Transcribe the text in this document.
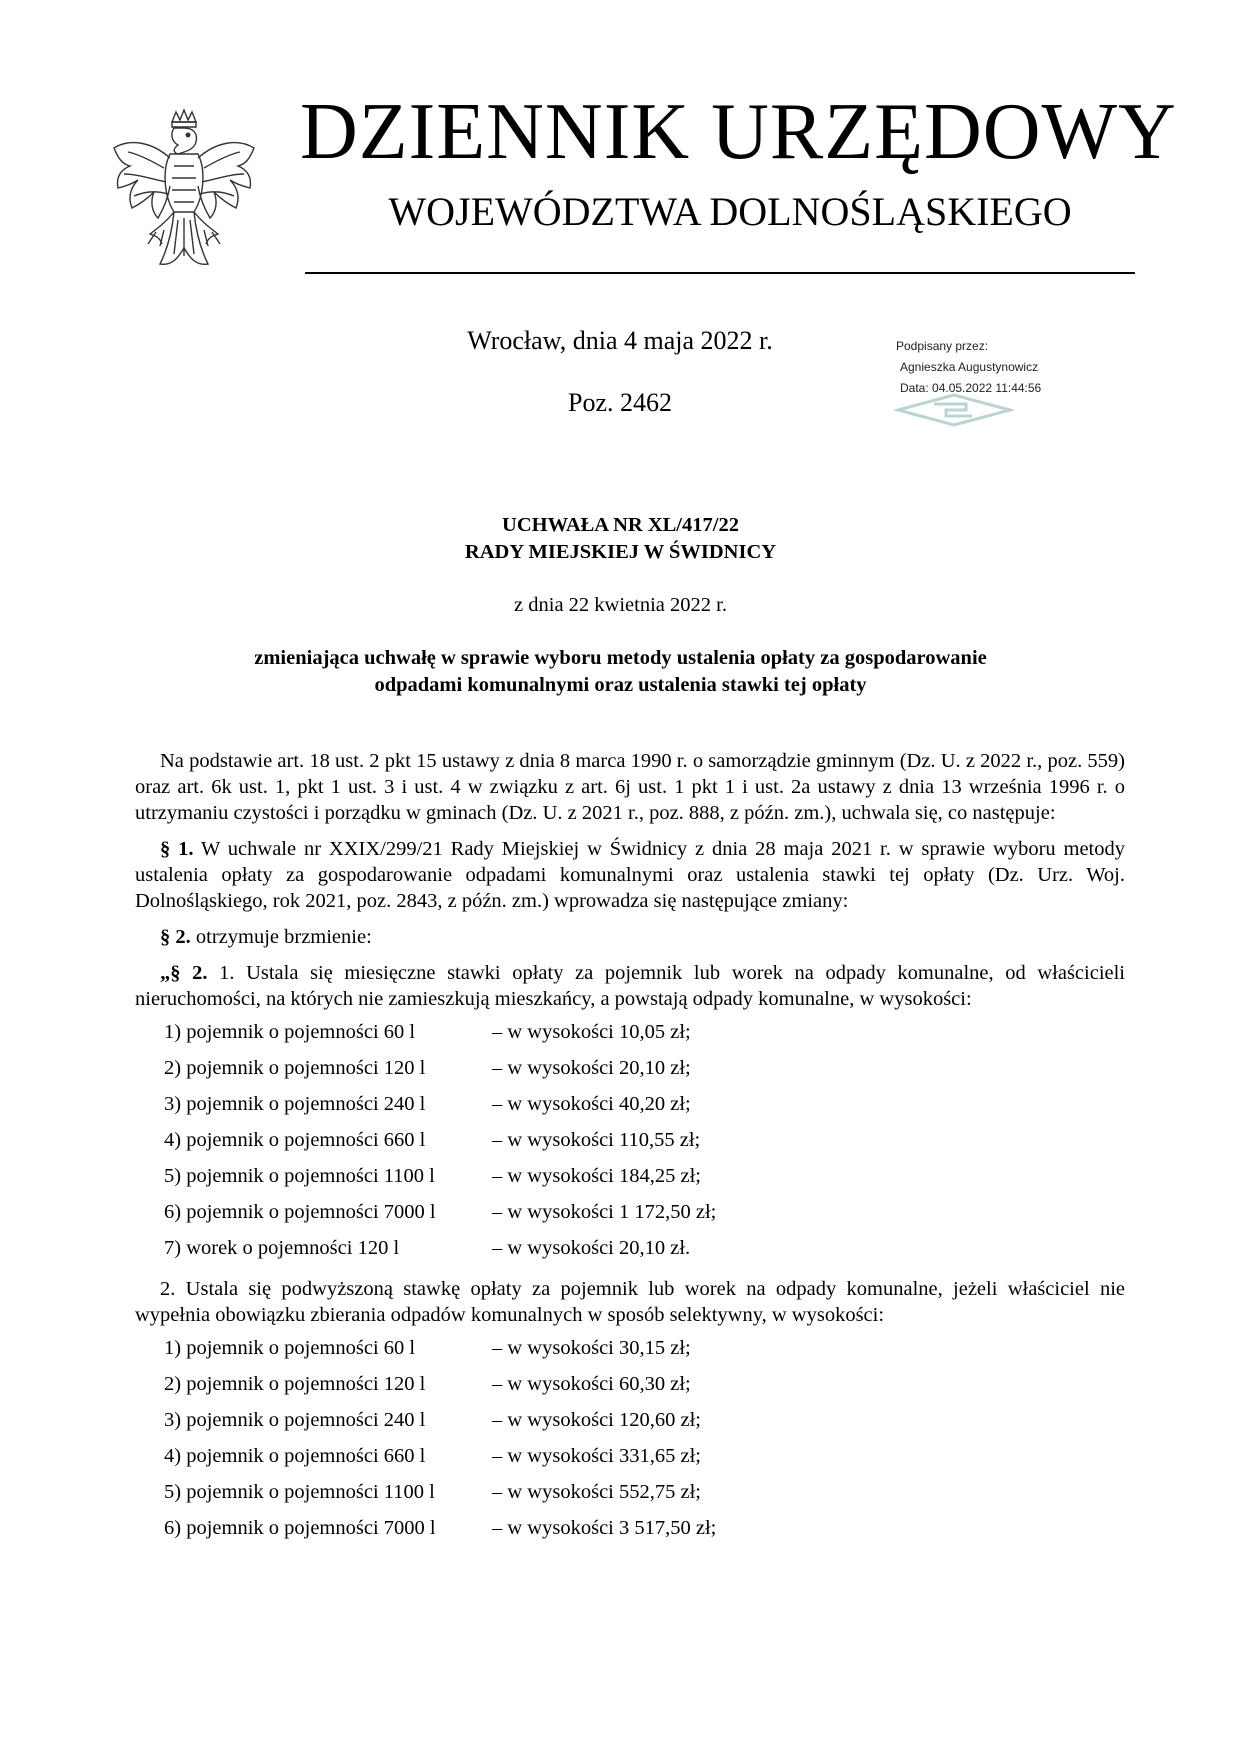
DZIENNIK URZĘDOWY
WOJEWÓDZTWA DOLNOŚLĄSKIEGO
Wrocław, dnia 4 maja 2022 r.
Poz. 2462
Podpisany przez:
Agnieszka Augustynowicz
Data: 04.05.2022 11:44:56
UCHWAŁA NR XL/417/22
RADY MIEJSKIEJ W ŚWIDNICY
z dnia 22 kwietnia 2022 r.
zmieniająca uchwałę w sprawie wyboru metody ustalenia opłaty za gospodarowanie
odpadami komunalnymi oraz ustalenia stawki tej opłaty

Na podstawie art. 18 ust. 2 pkt 15 ustawy z dnia 8 marca 1990 r. o samorządzie gminnym (Dz. U. z 2022 r., poz. 559) oraz art. 6k ust. 1, pkt 1 ust. 3 i ust. 4 w związku z art. 6j ust. 1 pkt 1 i ust. 2a ustawy z dnia 13 września 1996 r. o utrzymaniu czystości i porządku w gminach (Dz. U. z 2021 r., poz. 888, z późn. zm.), uchwala się, co następuje:

§ 1. W uchwale nr XXIX/299/21 Rady Miejskiej w Świdnicy z dnia 28 maja 2021 r. w sprawie wyboru metody ustalenia opłaty za gospodarowanie odpadami komunalnymi oraz ustalenia stawki tej opłaty (Dz. Urz. Woj. Dolnośląskiego, rok 2021, poz. 2843, z późn. zm.) wprowadza się następujące zmiany:

§ 2. otrzymuje brzmienie:

„§ 2. 1. Ustala się miesięczne stawki opłaty za pojemnik lub worek na odpady komunalne, od właścicieli nieruchomości, na których nie zamieszkują mieszkańcy, a powstają odpady komunalne, w wysokości:

1) pojemnik o pojemności 60 l	– w wysokości 10,05 zł;
2) pojemnik o pojemności 120 l	– w wysokości 20,10 zł;
3) pojemnik o pojemności 240 l	– w wysokości 40,20 zł;
4) pojemnik o pojemności 660 l	– w wysokości 110,55 zł;
5) pojemnik o pojemności 1100 l	– w wysokości 184,25 zł;
6) pojemnik o pojemności 7000 l	– w wysokości 1 172,50 zł;
7) worek o pojemności 120 l	– w wysokości 20,10 zł.

2. Ustala się podwyższoną stawkę opłaty za pojemnik lub worek na odpady komunalne, jeżeli właściciel nie wypełnia obowiązku zbierania odpadów komunalnych w sposób selektywny, w wysokości:

1) pojemnik o pojemności 60 l	– w wysokości 30,15 zł;
2) pojemnik o pojemności 120 l	– w wysokości 60,30 zł;
3) pojemnik o pojemności 240 l	– w wysokości 120,60 zł;
4) pojemnik o pojemności 660 l	– w wysokości 331,65 zł;
5) pojemnik o pojemności 1100 l	– w wysokości 552,75 zł;
6) pojemnik o pojemności 7000 l	– w wysokości 3 517,50 zł;
